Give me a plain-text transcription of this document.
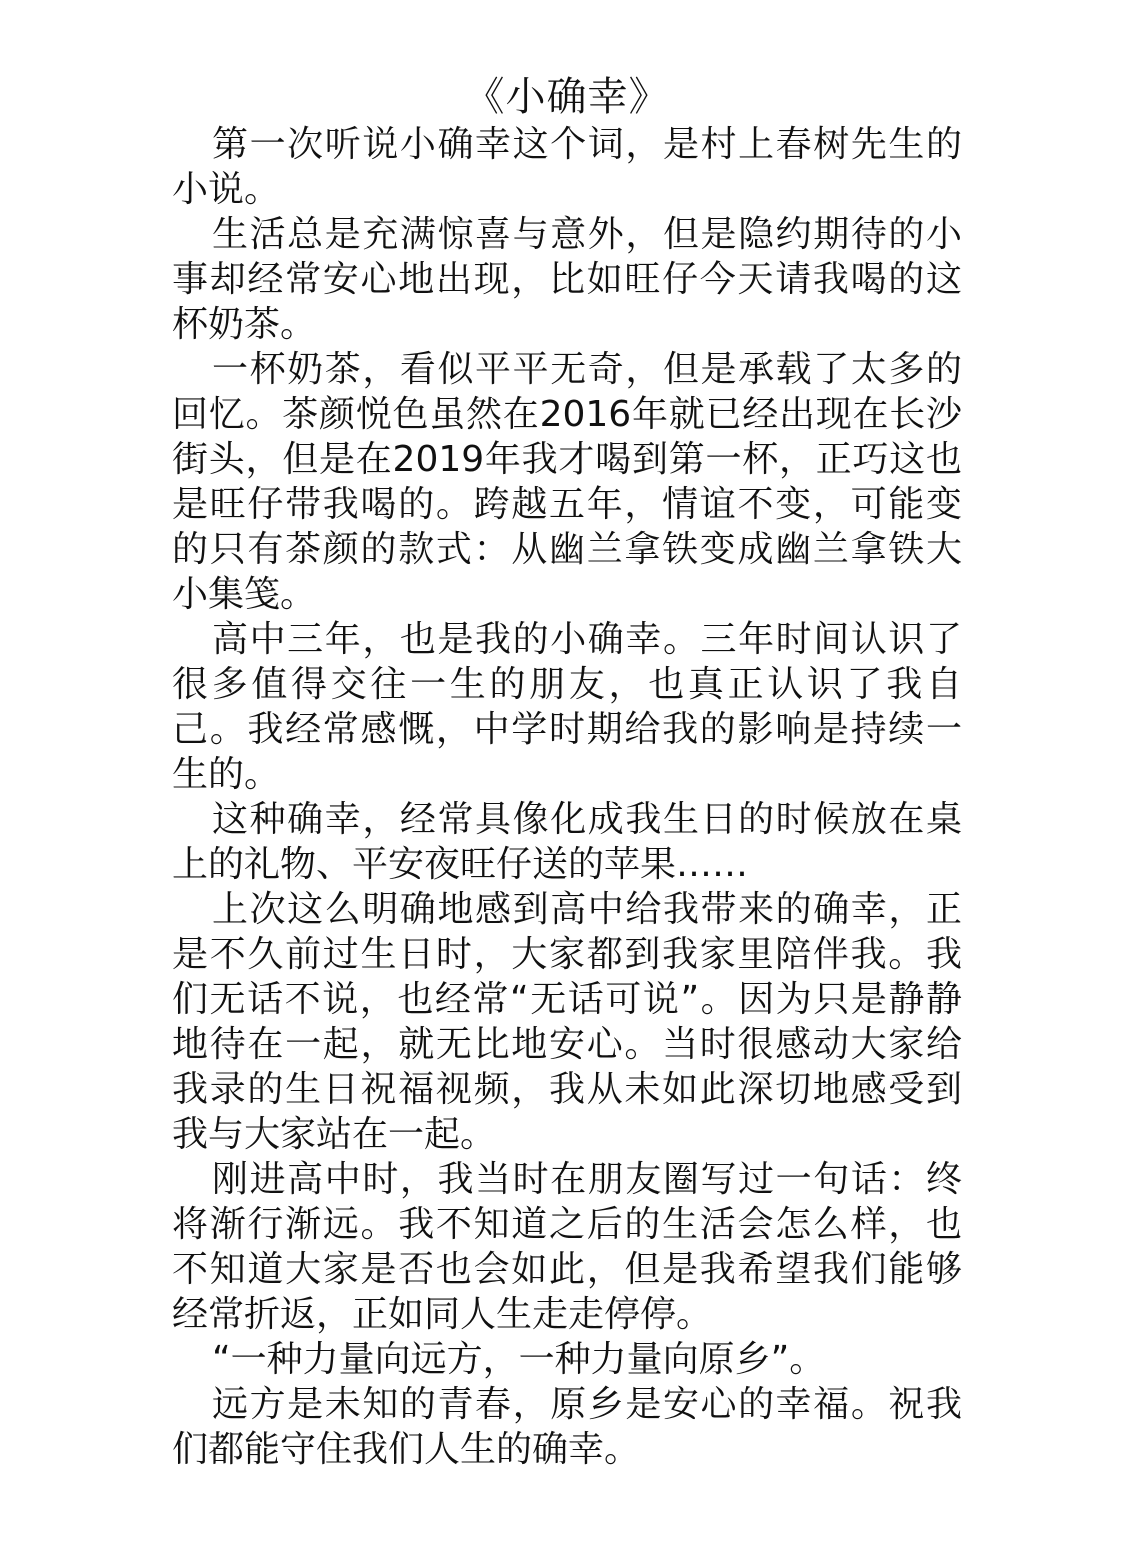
《小确幸》

第一次听说小确幸这个词，是村上春树先生的小说。

生活总是充满惊喜与意外，但是隐约期待的小事却经常安心地出现，比如旺仔今天请我喝的这杯奶茶。

一杯奶茶，看似平平无奇，但是承载了太多的回忆。茶颜悦色虽然在2016年就已经出现在长沙街头，但是在2019年我才喝到第一杯，正巧这也是旺仔带我喝的。跨越五年，情谊不变，可能变的只有茶颜的款式：从幽兰拿铁变成幽兰拿铁大小集笺。

高中三年，也是我的小确幸。三年时间认识了很多值得交往一生的朋友，也真正认识了我自己。我经常感慨，中学时期给我的影响是持续一生的。

这种确幸，经常具像化成我生日的时候放在桌上的礼物、平安夜旺仔送的苹果……

上次这么明确地感到高中给我带来的确幸，正是不久前过生日时，大家都到我家里陪伴我。我们无话不说，也经常“无话可说”。因为只是静静地待在一起，就无比地安心。当时很感动大家给我录的生日祝福视频，我从未如此深切地感受到我与大家站在一起。

刚进高中时，我当时在朋友圈写过一句话：终将渐行渐远。我不知道之后的生活会怎么样，也不知道大家是否也会如此，但是我希望我们能够经常折返，正如同人生走走停停。

“一种力量向远方，一种力量向原乡”。

远方是未知的青春，原乡是安心的幸福。祝我们都能守住我们人生的确幸。
